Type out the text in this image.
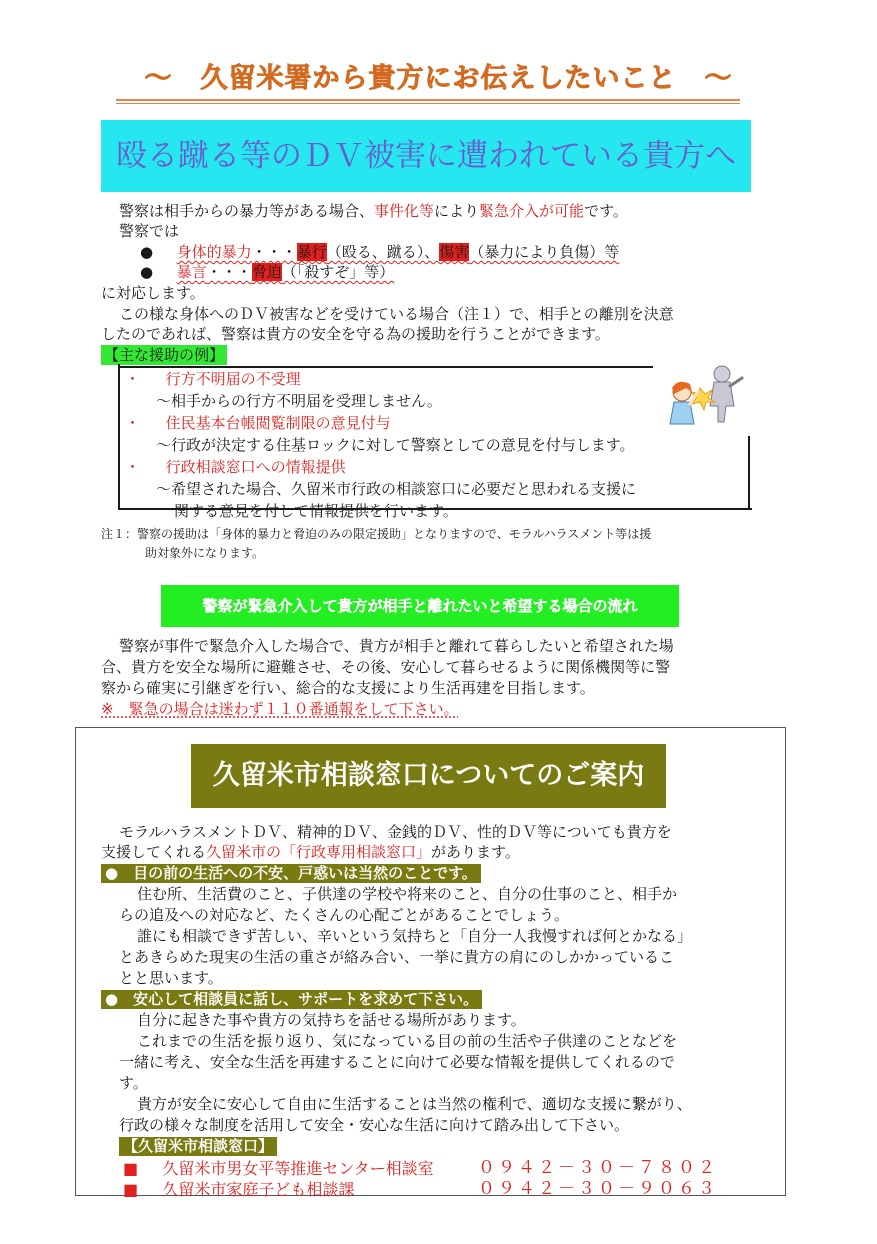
～　久留米署から貴方にお伝えしたいこと　～
殴る蹴る等のＤＶ被害に遭われている貴方へ
警察は相手からの暴力等がある場合、事件化等により緊急介入が可能です。
警察では
● 身体的暴力・・・暴行（殴る、蹴る）、傷害（暴力により負傷）等
● 暴言・・・脅迫（「殺すぞ」等）
に対応します。
この様な身体へのＤＶ被害などを受けている場合（注１）で、相手との離別を決意
したのであれば、警察は貴方の安全を守る為の援助を行うことができます。
【主な援助の例】
・ 行方不明届の不受理
～相手からの行方不明届を受理しません。
・ 住民基本台帳閲覧制限の意見付与
～行政が決定する住基ロックに対して警察としての意見を付与します。
・ 行政相談窓口への情報提供
～希望された場合、久留米市行政の相談窓口に必要だと思われる支援に
関する意見を付して情報提供を行います。
注１：警察の援助は「身体的暴力と脅迫のみの限定援助」となりますので、モラルハラスメント等は援
助対象外になります。
警察が緊急介入して貴方が相手と離れたいと希望する場合の流れ
警察が事件で緊急介入した場合で、貴方が相手と離れて暮らしたいと希望された場
合、貴方を安全な場所に避難させ、その後、安心して暮らせるように関係機関等に警
察から確実に引継ぎを行い、総合的な支援により生活再建を目指します。
※　緊急の場合は迷わず１１０番通報をして下さい。
久留米市相談窓口についてのご案内
モラルハラスメントＤＶ、精神的ＤＶ、金銭的ＤＶ、性的ＤＶ等についても貴方を
支援してくれる久留米市の「行政専用相談窓口」があります。
●　目の前の生活への不安、戸惑いは当然のことです。
住む所、生活費のこと、子供達の学校や将来のこと、自分の仕事のこと、相手か
らの追及への対応など、たくさんの心配ごとがあることでしょう。
誰にも相談できず苦しい、辛いという気持ちと「自分一人我慢すれば何とかなる」
とあきらめた現実の生活の重さが絡み合い、一挙に貴方の肩にのしかかっているこ
とと思います。
●　安心して相談員に話し、サポートを求めて下さい。
自分に起きた事や貴方の気持ちを話せる場所があります。
これまでの生活を振り返り、気になっている目の前の生活や子供達のことなどを
一緒に考え、安全な生活を再建することに向けて必要な情報を提供してくれるので
す。
貴方が安全に安心して自由に生活することは当然の権利で、適切な支援に繋がり、
行政の様々な制度を活用して安全・安心な生活に向けて踏み出して下さい。
【久留米市相談窓口】
■ 久留米市男女平等推進センター相談室	０９４２－３０－７８０２
■ 久留米市家庭子ども相談課	０９４２－３０－９０６３
